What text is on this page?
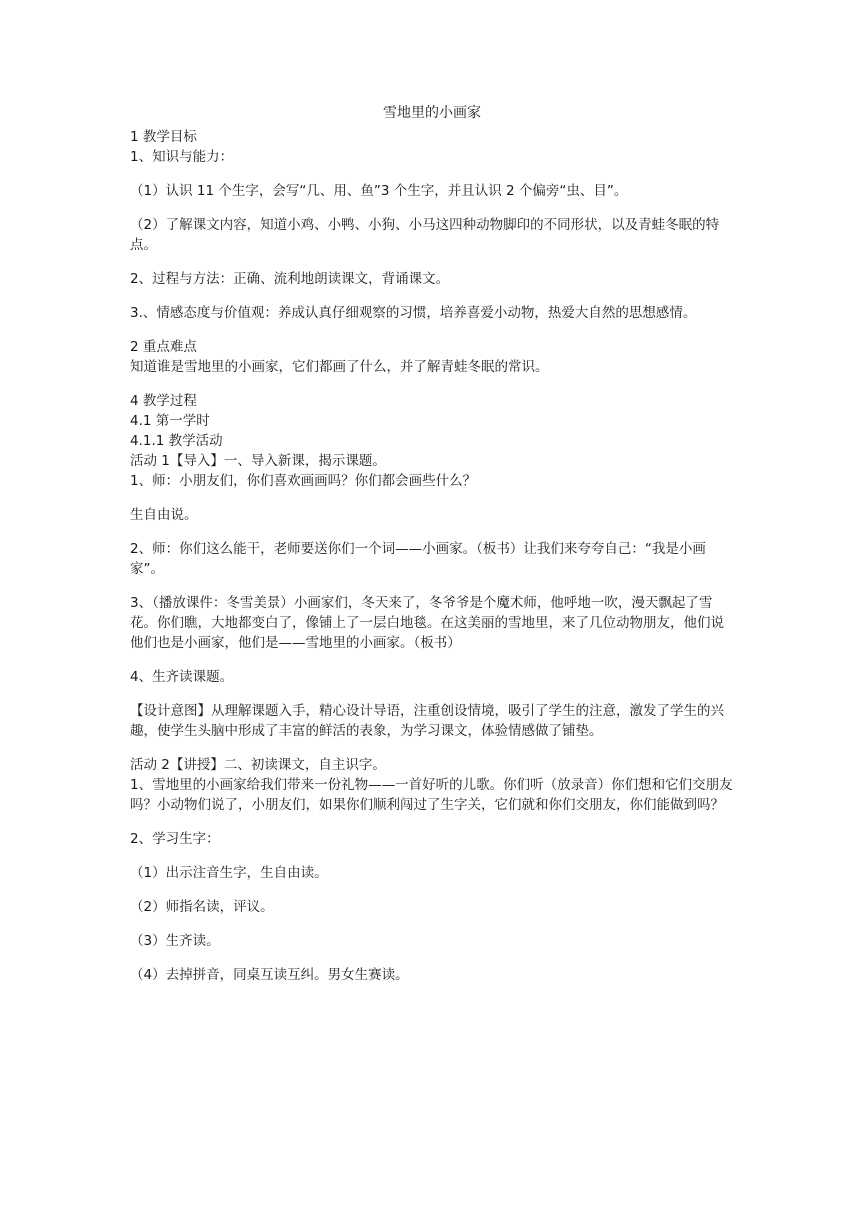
雪地里的小画家

1 教学目标

1、知识与能力：

（1）认识 11 个生字，会写“几、用、鱼”3 个生字，并且认识 2 个偏旁“虫、目”。

（2）了解课文内容，知道小鸡、小鸭、小狗、小马这四种动物脚印的不同形状，以及青蛙冬眠的特点。

2、过程与方法：正确、流利地朗读课文，背诵课文。

3.、情感态度与价值观：养成认真仔细观察的习惯，培养喜爱小动物，热爱大自然的思想感情。

2 重点难点

知道谁是雪地里的小画家，它们都画了什么，并了解青蛙冬眠的常识。

4 教学过程

4.1 第一学时

4.1.1 教学活动

活动 1【导入】一、导入新课，揭示课题。

1、师：小朋友们，你们喜欢画画吗？你们都会画些什么？

生自由说。

2、师：你们这么能干，老师要送你们一个词——小画家。（板书）让我们来夸夸自己：“我是小画家”。

3、（播放课件：冬雪美景）小画家们，冬天来了，冬爷爷是个魔术师，他呼地一吹，漫天飘起了雪花。你们瞧，大地都变白了，像铺上了一层白地毯。在这美丽的雪地里，来了几位动物朋友，他们说他们也是小画家，他们是——雪地里的小画家。（板书）

4、生齐读课题。

【设计意图】从理解课题入手，精心设计导语，注重创设情境，吸引了学生的注意，激发了学生的兴趣，使学生头脑中形成了丰富的鲜活的表象，为学习课文，体验情感做了铺垫。

活动 2【讲授】二、初读课文，自主识字。

1、雪地里的小画家给我们带来一份礼物——一首好听的儿歌。你们听（放录音）你们想和它们交朋友吗？小动物们说了，小朋友们，如果你们顺利闯过了生字关，它们就和你们交朋友，你们能做到吗？

2、学习生字：

（1）出示注音生字，生自由读。

（2）师指名读，评议。

（3）生齐读。

（4）去掉拼音，同桌互读互纠。男女生赛读。
